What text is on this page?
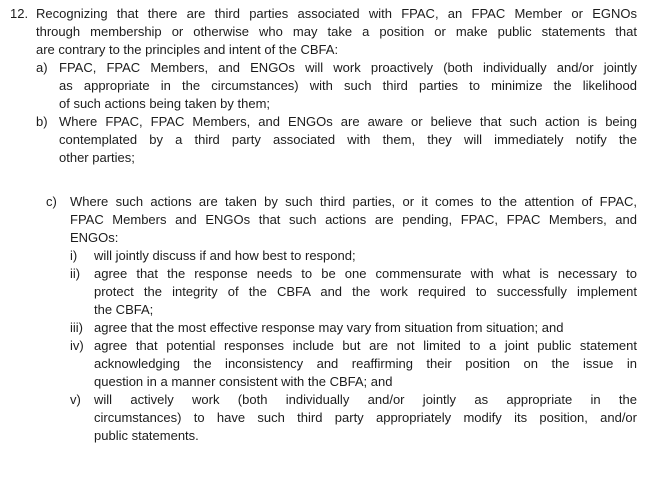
12. Recognizing that there are third parties associated with FPAC, an FPAC Member or EGNOs
through membership or otherwise who may take a position or make public statements that
are contrary to the principles and intent of the CBFA:
a) FPAC, FPAC Members, and ENGOs will work proactively (both individually and/or jointly
as appropriate in the circumstances) with such third parties to minimize the likelihood
of such actions being taken by them;
b) Where FPAC, FPAC Members, and ENGOs are aware or believe that such action is being
contemplated by a third party associated with them, they will immediately notify the
other parties;
c) Where such actions are taken by such third parties, or it comes to the attention of FPAC,
FPAC Members and ENGOs that such actions are pending, FPAC, FPAC Members, and
ENGOs:
i) will jointly discuss if and how best to respond;
ii) agree that the response needs to be one commensurate with what is necessary to
protect the integrity of the CBFA and the work required to successfully implement
the CBFA;
iii) agree that the most effective response may vary from situation from situation; and
iv) agree that potential responses include but are not limited to a joint public statement
acknowledging the inconsistency and reaffirming their position on the issue in
question in a manner consistent with the CBFA; and
v) will actively work (both individually and/or jointly as appropriate in the
circumstances) to have such third party appropriately modify its position, and/or
public statements.
